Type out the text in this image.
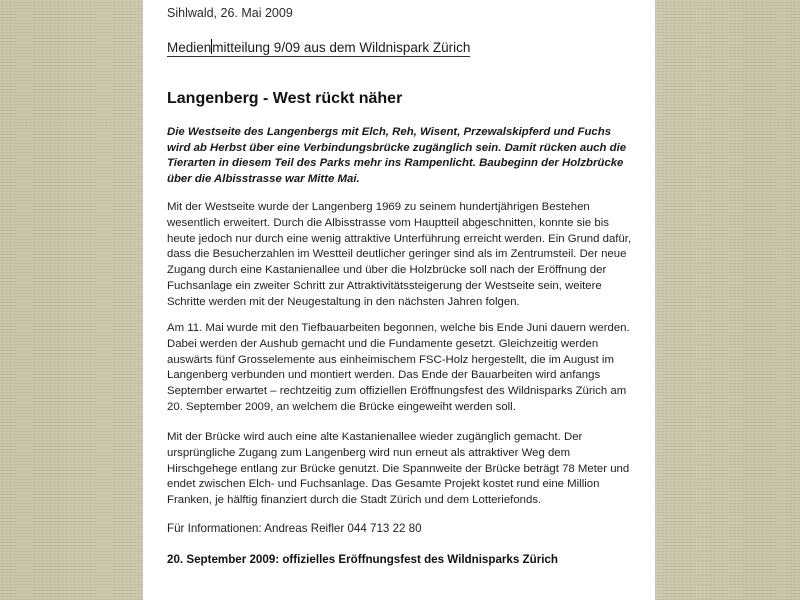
Sihlwald, 26. Mai 2009
Medienmitteilung 9/09 aus dem Wildnispark Zürich
Langenberg - West rückt näher
Die Westseite des Langenbergs mit Elch, Reh, Wisent, Przewalskipferd und Fuchs wird ab Herbst über eine Verbindungsbrücke zugänglich sein. Damit rücken auch die Tierarten in diesem Teil des Parks mehr ins Rampenlicht. Baubeginn der Holzbrücke über die Albisstrasse war Mitte Mai.
Mit der Westseite wurde der Langenberg 1969 zu seinem hundertjährigen Bestehen wesentlich erweitert. Durch die Albisstrasse vom Hauptteil abgeschnitten, konnte sie bis heute jedoch nur durch eine wenig attraktive Unterführung erreicht werden. Ein Grund dafür, dass die Besucherzahlen im Westteil deutlicher geringer sind als im Zentrumsteil. Der neue Zugang durch eine Kastanienallee und über die Holzbrücke soll nach der Eröffnung der Fuchsanlage ein zweiter Schritt zur Attraktivitätssteigerung der Westseite sein, weitere Schritte werden mit der Neugestaltung in den nächsten Jahren folgen.
Am 11. Mai wurde mit den Tiefbauarbeiten begonnen, welche bis Ende Juni dauern werden. Dabei werden der Aushub gemacht und die Fundamente gesetzt. Gleichzeitig werden auswärts fünf Grosselemente aus einheimischem FSC-Holz hergestellt, die im August im Langenberg verbunden und montiert werden. Das Ende der Bauarbeiten wird anfangs September erwartet – rechtzeitig zum offiziellen Eröffnungsfest des Wildnisparks Zürich am 20. September 2009, an welchem die Brücke eingeweiht werden soll.
Mit der Brücke wird auch eine alte Kastanienallee wieder zugänglich gemacht. Der ursprüngliche Zugang zum Langenberg wird nun erneut als attraktiver Weg dem Hirschgehege entlang zur Brücke genutzt. Die Spannweite der Brücke beträgt 78 Meter und endet zwischen Elch- und Fuchsanlage. Das Gesamte Projekt kostet rund eine Million Franken, je hälftig finanziert durch die Stadt Zürich und dem Lotteriefonds.
Für Informationen: Andreas Reifler 044 713 22 80
20. September 2009: offizielles Eröffnungsfest des Wildnisparks Zürich
